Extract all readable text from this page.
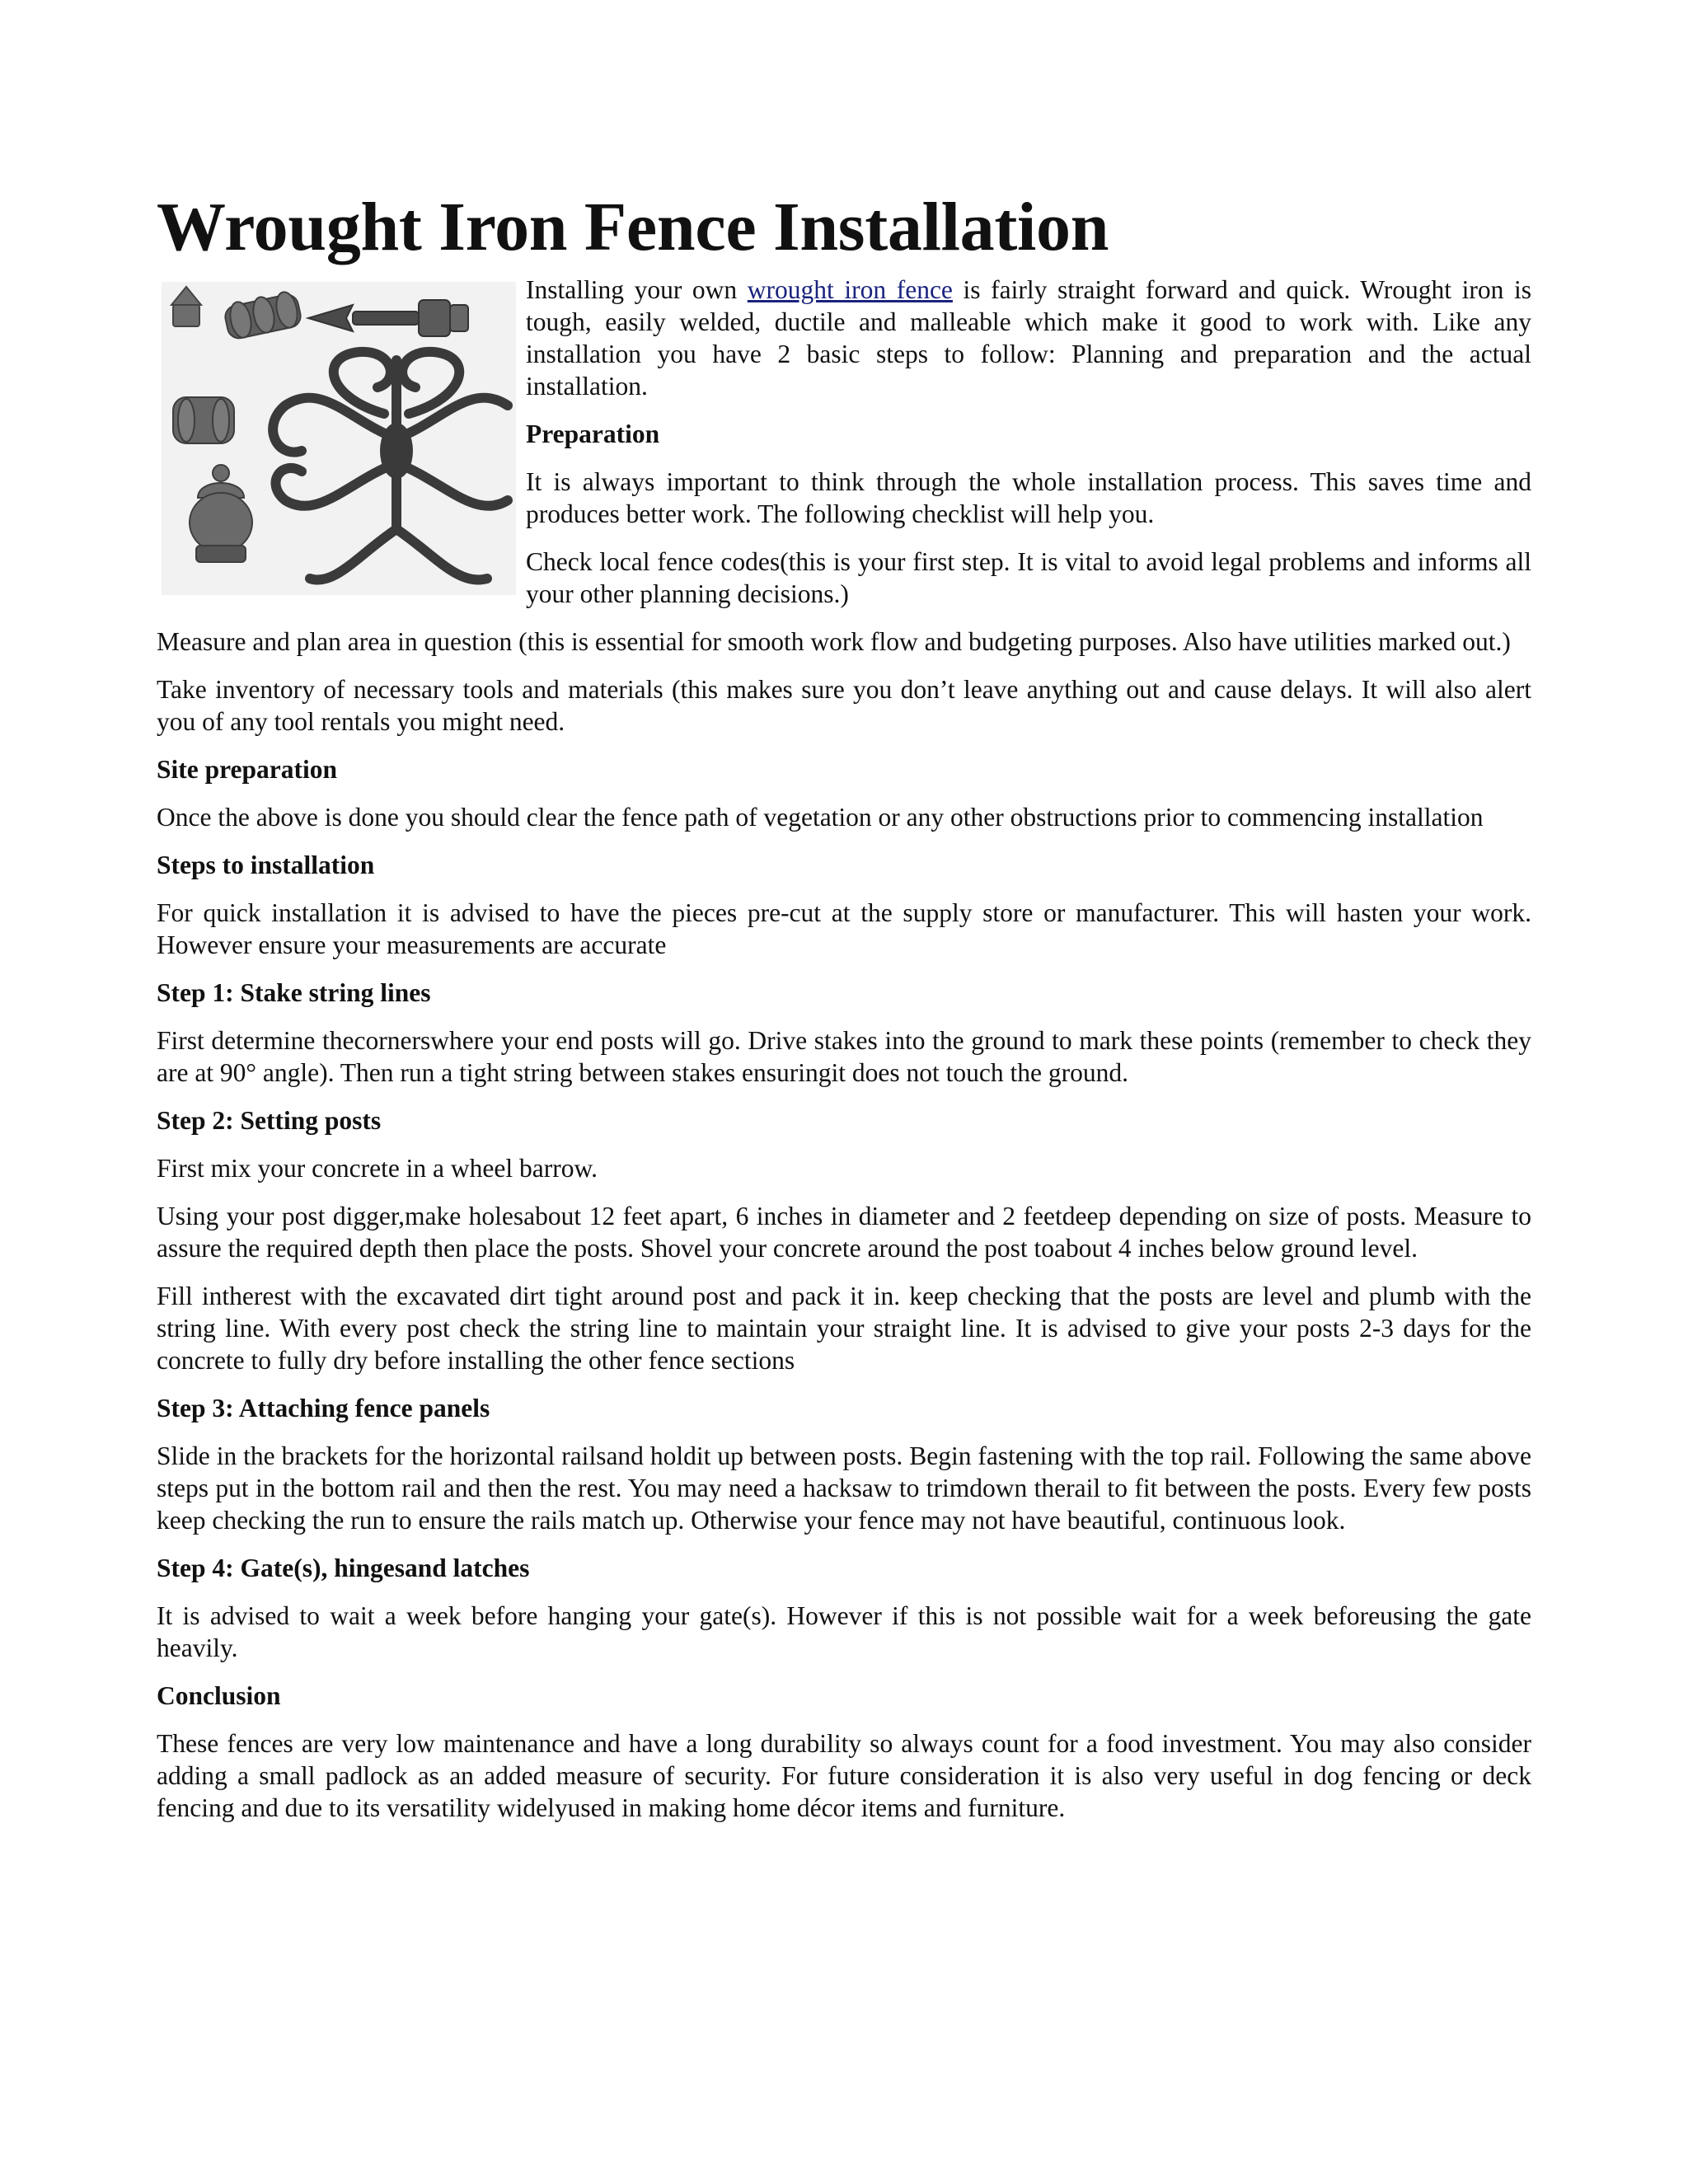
Wrought Iron Fence Installation

Installing your own wrought iron fence is fairly straight forward and quick. Wrought iron is tough, easily welded, ductile and malleable which make it good to work with. Like any installation you have 2 basic steps to follow: Planning and preparation and the actual installation.

Preparation

It is always important to think through the whole installation process. This saves time and produces better work. The following checklist will help you.

Check local fence codes(this is your first step. It is vital to avoid legal problems and informs all your other planning decisions.)

Measure and plan area in question (this is essential for smooth work flow and budgeting purposes. Also have utilities marked out.)

Take inventory of necessary tools and materials (this makes sure you don’t leave anything out and cause delays. It will also alert you of any tool rentals you might need.

Site preparation

Once the above is done you should clear the fence path of vegetation or any other obstructions prior to commencing installation

Steps to installation

For quick installation it is advised to have the pieces pre-cut at the supply store or manufacturer. This will hasten your work. However ensure your measurements are accurate

Step 1: Stake string lines

First determine thecornerswhere your end posts will go. Drive stakes into the ground to mark these points (remember to check they are at 90° angle). Then run a tight string between stakes ensuringit does not touch the ground.

Step 2: Setting posts

First mix your concrete in a wheel barrow.

Using your post digger,make holesabout 12 feet apart, 6 inches in diameter and 2 feetdeep depending on size of posts. Measure to assure the required depth then place the posts. Shovel your concrete around the post toabout 4 inches below ground level.

Fill intherest with the excavated dirt tight around post and pack it in. keep checking that the posts are level and plumb with the string line. With every post check the string line to maintain your straight line. It is advised to give your posts 2-3 days for the concrete to fully dry before installing the other fence sections

Step 3: Attaching fence panels

Slide in the brackets for the horizontal railsand holdit up between posts. Begin fastening with the top rail. Following the same above steps put in the bottom rail and then the rest. You may need a hacksaw to trimdown therail to fit between the posts. Every few posts keep checking the run to ensure the rails match up. Otherwise your fence may not have beautiful, continuous look.

Step 4: Gate(s), hingesand latches

It is advised to wait a week before hanging your gate(s). However if this is not possible wait for a week beforeusing the gate heavily.

Conclusion

These fences are very low maintenance and have a long durability so always count for a food investment. You may also consider adding a small padlock as an added measure of security. For future consideration it is also very useful in dog fencing or deck fencing and due to its versatility widelyused in making home décor items and furniture.
